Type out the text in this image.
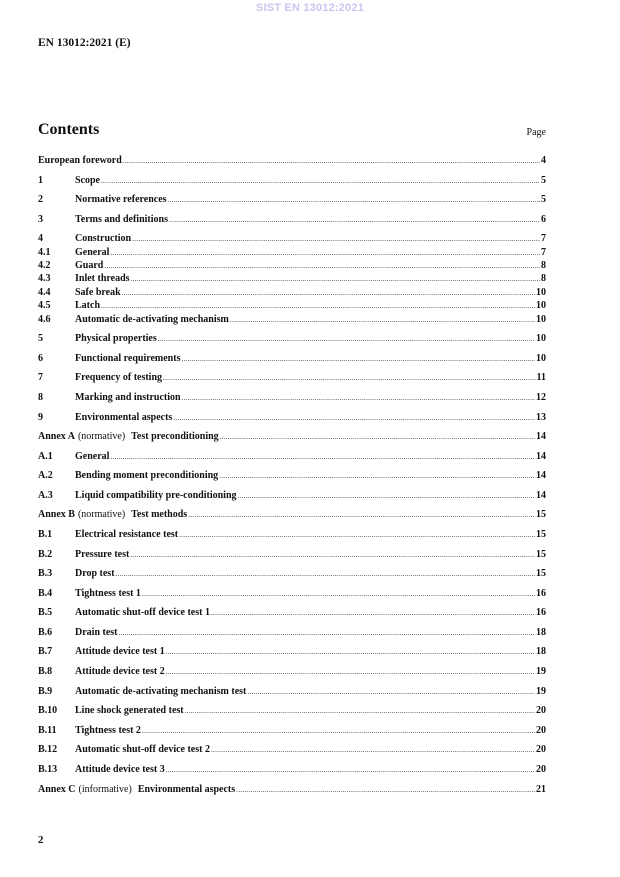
SIST EN 13012:2021
EN 13012:2021 (E)
Contents	Page
European foreword .....	4
1	Scope .....	5
2	Normative references .....	5
3	Terms and definitions .....	6
4	Construction .....	7
4.1	General .....	7
4.2	Guard .....	8
4.3	Inlet threads .....	8
4.4	Safe break .....	10
4.5	Latch .....	10
4.6	Automatic de-activating mechanism .....	10
5	Physical properties .....	10
6	Functional requirements .....	10
7	Frequency of testing .....	11
8	Marking and instruction .....	12
9	Environmental aspects .....	13
Annex A (normative) Test preconditioning .....	14
A.1	General .....	14
A.2	Bending moment preconditioning .....	14
A.3	Liquid compatibility pre-conditioning .....	14
Annex B (normative) Test methods .....	15
B.1	Electrical resistance test .....	15
B.2	Pressure test .....	15
B.3	Drop test .....	15
B.4	Tightness test 1 .....	16
B.5	Automatic shut-off device test 1 .....	16
B.6	Drain test .....	18
B.7	Attitude device test 1 .....	18
B.8	Attitude device test 2 .....	19
B.9	Automatic de-activating mechanism test .....	19
B.10	Line shock generated test .....	20
B.11	Tightness test 2 .....	20
B.12	Automatic shut-off device test 2 .....	20
B.13	Attitude device test 3 .....	20
Annex C (informative) Environmental aspects .....	21
2
